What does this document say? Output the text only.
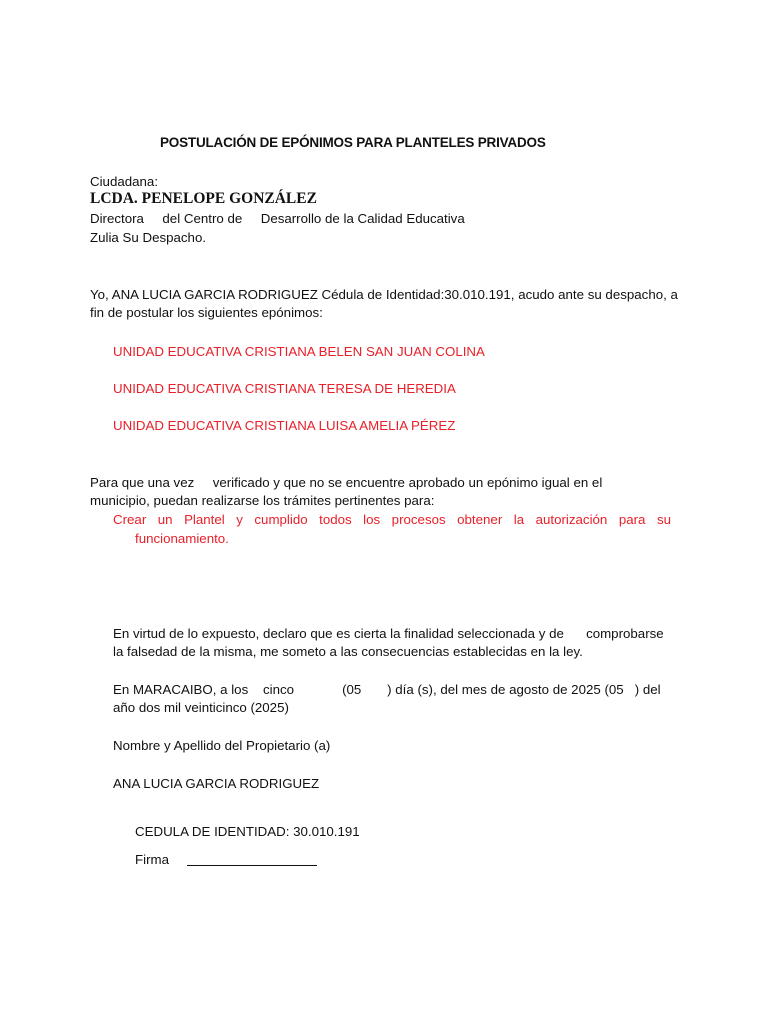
POSTULACIÓN DE EPÓNIMOS PARA PLANTELES PRIVADOS
Ciudadana:
LCDA. PENELOPE GONZÁLEZ
Directora     del Centro de     Desarrollo de la Calidad Educativa
Zulia Su Despacho.
Yo, ANA LUCIA GARCIA RODRIGUEZ Cédula de Identidad:30.010.191, acudo ante su despacho, a
fin de postular los siguientes epónimos:
UNIDAD EDUCATIVA CRISTIANA BELEN SAN JUAN COLINA
UNIDAD EDUCATIVA CRISTIANA TERESA DE HEREDIA
UNIDAD EDUCATIVA CRISTIANA LUISA AMELIA PÉREZ
Para que una vez     verificado y que no se encuentre aprobado un epónimo igual en el
municipio, puedan realizarse los trámites pertinentes para:
Crear un Plantel y cumplido todos los procesos obtener la autorización para su
funcionamiento.
En virtud de lo expuesto, declaro que es cierta la finalidad seleccionada y de      comprobarse
la falsedad de la misma, me someto a las consecuencias establecidas en la ley.
En MARACAIBO, a los    cinco             (05       ) día (s), del mes de agosto de 2025 (05   ) del
año dos mil veinticinco (2025)
Nombre y Apellido del Propietario (a)
ANA LUCIA GARCIA RODRIGUEZ
CEDULA DE IDENTIDAD: 30.010.191
Firma
